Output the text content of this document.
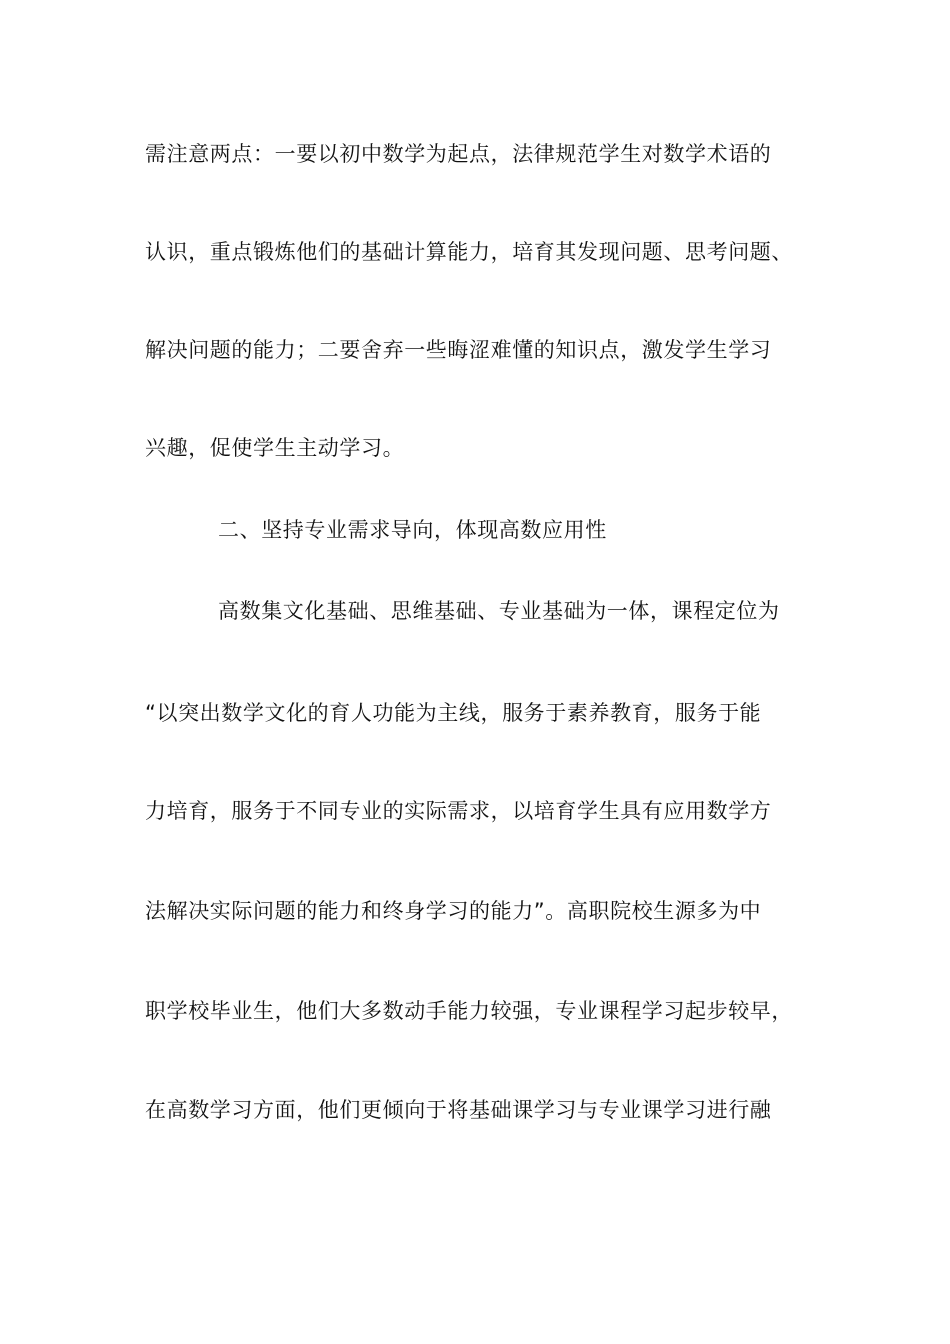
需注意两点：一要以初中数学为起点，法律规范学生对数学术语的
认识，重点锻炼他们的基础计算能力，培育其发现问题、思考问题、
解决问题的能力；二要舍弃一些晦涩难懂的知识点，激发学生学习
兴趣，促使学生主动学习。
二、坚持专业需求导向，体现高数应用性
高数集文化基础、思维基础、专业基础为一体，课程定位为
“以突出数学文化的育人功能为主线，服务于素养教育，服务于能
力培育，服务于不同专业的实际需求，以培育学生具有应用数学方
法解决实际问题的能力和终身学习的能力”。高职院校生源多为中
职学校毕业生，他们大多数动手能力较强，专业课程学习起步较早，
在高数学习方面，他们更倾向于将基础课学习与专业课学习进行融
